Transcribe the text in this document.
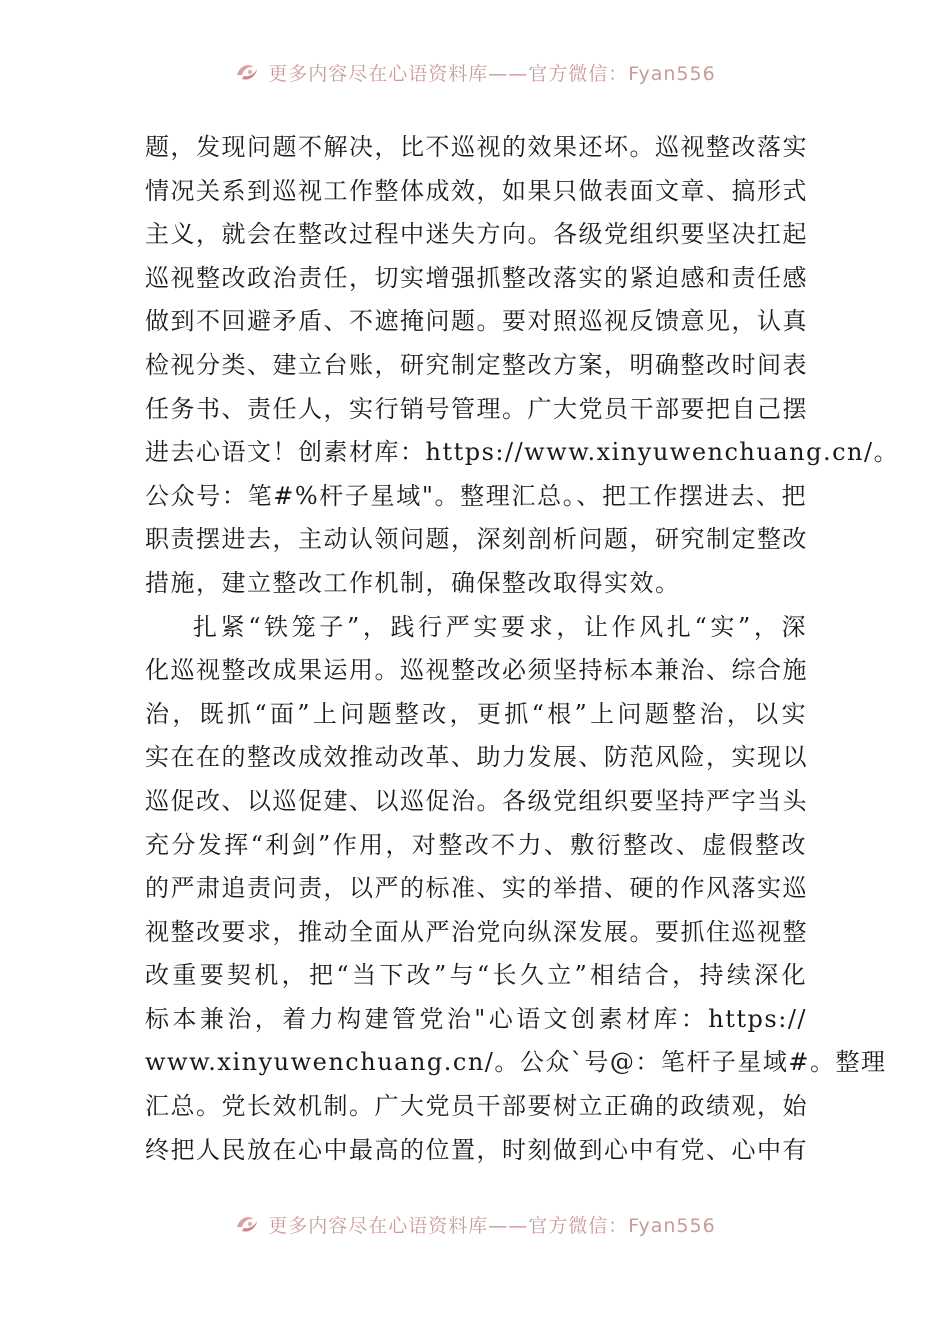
更多内容尽在心语资料库——官方微信：Fyan556
题，发现问题不解决，比不巡视的效果还坏。巡视整改落实
情况关系到巡视工作整体成效，如果只做表面文章、搞形式
主义，就会在整改过程中迷失方向。各级党组织要坚决扛起
巡视整改政治责任，切实增强抓整改落实的紧迫感和责任感
做到不回避矛盾、不遮掩问题。要对照巡视反馈意见，认真
检视分类、建立台账，研究制定整改方案，明确整改时间表
任务书、责任人，实行销号管理。广大党员干部要把自己摆
进去心语文！创素材库：https://www.xinyuwenchuang.cn/。
公众号：笔#%杆子星域"。整理汇总。、把工作摆进去、把
职责摆进去，主动认领问题，深刻剖析问题，研究制定整改
措施，建立整改工作机制，确保整改取得实效。
扎紧“铁笼子”，践行严实要求，让作风扎“实”，深
化巡视整改成果运用。巡视整改必须坚持标本兼治、综合施
治，既抓“面”上问题整改，更抓“根”上问题整治，以实
实在在的整改成效推动改革、助力发展、防范风险，实现以
巡促改、以巡促建、以巡促治。各级党组织要坚持严字当头
充分发挥“利剑”作用，对整改不力、敷衍整改、虚假整改
的严肃追责问责，以严的标准、实的举措、硬的作风落实巡
视整改要求，推动全面从严治党向纵深发展。要抓住巡视整
改重要契机，把“当下改”与“长久立”相结合，持续深化
标本兼治，着力构建管党治"心语文创素材库：https://
www.xinyuwenchuang.cn/。公众`号@：笔杆子星域#。整理
汇总。党长效机制。广大党员干部要树立正确的政绩观，始
终把人民放在心中最高的位置，时刻做到心中有党、心中有
更多内容尽在心语资料库——官方微信：Fyan556
